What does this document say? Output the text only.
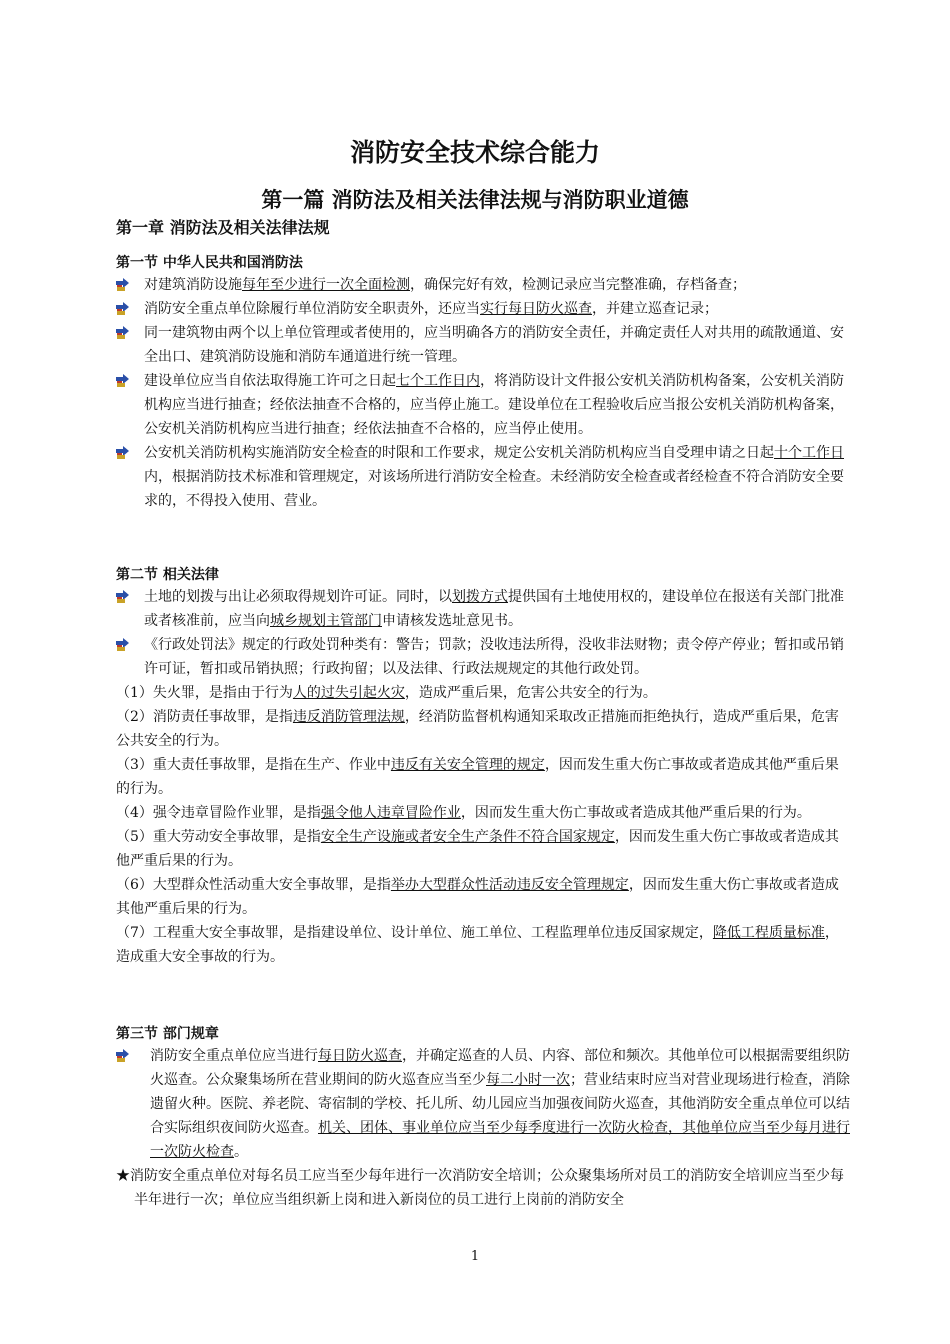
消防安全技术综合能力
第一篇 消防法及相关法律法规与消防职业道德
第一章 消防法及相关法律法规
第一节 中华人民共和国消防法
对建筑消防设施每年至少进行一次全面检测，确保完好有效，检测记录应当完整准确，存档备查；
消防安全重点单位除履行单位消防安全职责外，还应当实行每日防火巡查，并建立巡查记录；
同一建筑物由两个以上单位管理或者使用的，应当明确各方的消防安全责任，并确定责任人对共用的疏散通道、安全出口、建筑消防设施和消防车通道进行统一管理。
建设单位应当自依法取得施工许可之日起七个工作日内，将消防设计文件报公安机关消防机构备案，公安机关消防机构应当进行抽查；经依法抽查不合格的，应当停止施工。建设单位在工程验收后应当报公安机关消防机构备案，公安机关消防机构应当进行抽查；经依法抽查不合格的，应当停止使用。
公安机关消防机构实施消防安全检查的时限和工作要求，规定公安机关消防机构应当自受理申请之日起十个工作日内，根据消防技术标准和管理规定，对该场所进行消防安全检查。未经消防安全检查或者经检查不符合消防安全要求的，不得投入使用、营业。
第二节 相关法律
土地的划拨与出让必须取得规划许可证。同时，以划拨方式提供国有土地使用权的，建设单位在报送有关部门批准或者核准前，应当向城乡规划主管部门申请核发选址意见书。
《行政处罚法》规定的行政处罚种类有：警告；罚款；没收违法所得，没收非法财物；责令停产停业；暂扣或吊销许可证，暂扣或吊销执照；行政拘留；以及法律、行政法规规定的其他行政处罚。
（1）失火罪，是指由于行为人的过失引起火灾，造成严重后果，危害公共安全的行为。
（2）消防责任事故罪，是指违反消防管理法规，经消防监督机构通知采取改正措施而拒绝执行，造成严重后果，危害公共安全的行为。
（3）重大责任事故罪，是指在生产、作业中违反有关安全管理的规定，因而发生重大伤亡事故或者造成其他严重后果的行为。
（4）强令违章冒险作业罪，是指强令他人违章冒险作业，因而发生重大伤亡事故或者造成其他严重后果的行为。
（5）重大劳动安全事故罪，是指安全生产设施或者安全生产条件不符合国家规定，因而发生重大伤亡事故或者造成其他严重后果的行为。
（6）大型群众性活动重大安全事故罪，是指举办大型群众性活动违反安全管理规定，因而发生重大伤亡事故或者造成其他严重后果的行为。
（7）工程重大安全事故罪，是指建设单位、设计单位、施工单位、工程监理单位违反国家规定，降低工程质量标准，造成重大安全事故的行为。
第三节 部门规章
消防安全重点单位应当进行每日防火巡查，并确定巡查的人员、内容、部位和频次。其他单位可以根据需要组织防火巡查。公众聚集场所在营业期间的防火巡查应当至少每二小时一次；营业结束时应当对营业现场进行检查，消除遗留火种。医院、养老院、寄宿制的学校、托儿所、幼儿园应当加强夜间防火巡查，其他消防安全重点单位可以结合实际组织夜间防火巡查。机关、团体、事业单位应当至少每季度进行一次防火检查，其他单位应当至少每月进行一次防火检查。
★消防安全重点单位对每名员工应当至少每年进行一次消防安全培训；公众聚集场所对员工的消防安全培训应当至少每半年进行一次；单位应当组织新上岗和进入新岗位的员工进行上岗前的消防安全
1
